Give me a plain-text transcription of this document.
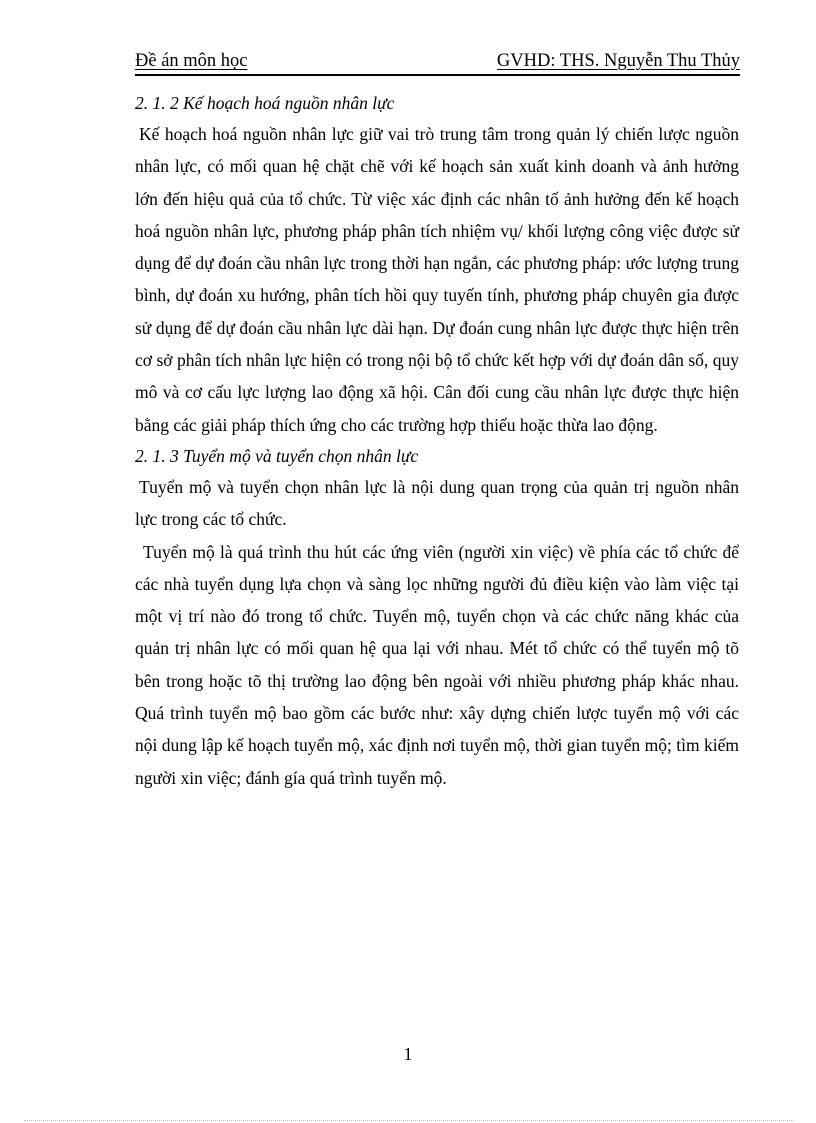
Đề án môn học	GVHD: THS. Nguyễn Thu Thủy
2. 1. 2 Kế hoạch hoá nguồn nhân lực

Kế hoạch hoá nguồn nhân lực giữ vai trò trung tâm trong quản lý chiến lược nguồn nhân lực, có mối quan hệ chặt chẽ với kế hoạch sản xuất kinh doanh và ảnh hưởng lớn đến hiệu quả của tổ chức. Từ việc xác định các nhân tố ảnh hưởng đến kế hoạch hoá nguồn nhân lực, phương pháp phân tích nhiệm vụ/ khối lượng công việc được sử dụng để dự đoán cầu nhân lực trong thời hạn ngắn, các phương pháp: ước lượng trung bình, dự đoán xu hướng, phân tích hồi quy tuyến tính, phương pháp chuyên gia được sử dụng để dự đoán cầu nhân lực dài hạn. Dự đoán cung nhân lực được thực hiện trên cơ sở phân tích nhân lực hiện có trong nội bộ tổ chức kết hợp với dự đoán dân số, quy mô và cơ cấu lực lượng lao động xã hội. Cân đối cung cầu nhân lực được thực hiện bằng các giải pháp thích ứng cho các trường hợp thiếu hoặc thừa lao động.

2. 1. 3 Tuyển mộ và tuyển chọn nhân lực

Tuyển mộ và tuyển chọn nhân lực là nội dung quan trọng của quản trị nguồn nhân lực trong các tổ chức.

Tuyển mộ là quá trình thu hút các ứng viên (người xin việc) về phía các tổ chức để các nhà tuyển dụng lựa chọn và sàng lọc những người đủ điều kiện vào làm việc tại một vị trí nào đó trong tổ chức. Tuyển mộ, tuyển chọn và các chức năng khác của quản trị nhân lực có mối quan hệ qua lại với nhau. Mét tổ chức có thể tuyển mộ tõ bên trong hoặc tõ thị trường lao động bên ngoài với nhiều phương pháp khác nhau. Quá trình tuyển mộ bao gồm các bước như: xây dựng chiến lược tuyển mộ với các nội dung lập kế hoạch tuyển mộ, xác định nơi tuyển mộ, thời gian tuyển mộ; tìm kiếm người xin việc; đánh gía quá trình tuyển mộ.

1
